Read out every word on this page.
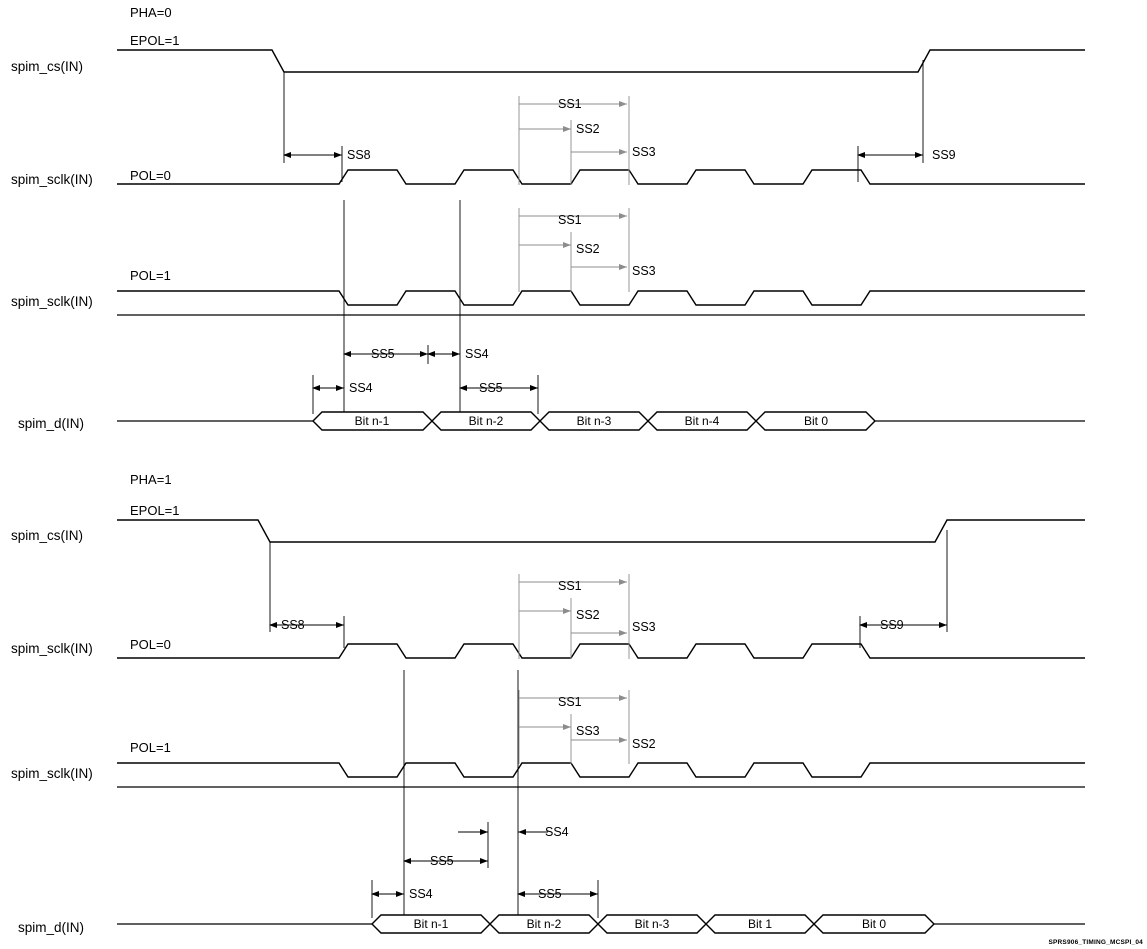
PHA=0
EPOL=1
spim_cs(IN)
SS8	SS9
spim_sclk(IN)	POL=0
SS1
SS2
SS3
spim_sclk(IN)
POL=1
SS1
SS2
SS3
SS5	SS4
SS4	SS5
spim_d(IN)	Bit n-1	Bit n-2	Bit n-3	Bit n-4	Bit 0
PHA=1
EPOL=1
spim_cs(IN)
SS8	SS9
spim_sclk(IN)	POL=0
SS1
SS2
SS3
spim_sclk(IN)
POL=1
SS1
SS3
SS2
SS4
SS5
SS4	SS5
spim_d(IN)	Bit n-1	Bit n-2	Bit n-3	Bit 1	Bit 0
SPRS906_TIMING_MCSPI_04
